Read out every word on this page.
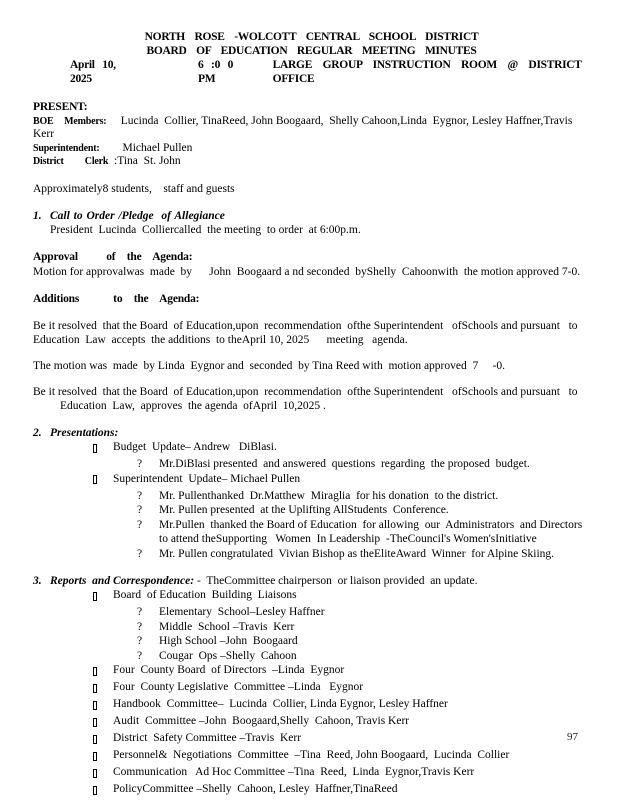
NORTH ROSE -WOLCOTT CENTRAL SCHOOL DISTRICT
BOARD OF EDUCATION REGULAR MEETING MINUTES
April 10, 2025
6 :0 0 PM
LARGE GROUP INSTRUCTION ROOM @ DISTRICT OFFICE
PRESENT:
BOE  Members:     Lucinda  Collier, TinaReed, John Boogaard,  Shelly Cahoon,Linda  Eygnor, Lesley Haffner,Travis Kerr
Superintendent:        Michael Pullen
District    Clerk  :Tina  St. John
Approximately8 students,    staff and guests
1. Call to Order /Pledge  of Allegiance
President  Lucinda  Colliercalled  the meeting  to order  at 6:00p.m.
Approval     of  the  Agenda:
Motion for approvalwas  made  by      John  Boogaard a nd seconded  byShelly  Cahoonwith  the motion approved 7-0.
Additions      to  the  Agenda:
Be it resolved  that the Board  of Education,upon  recommendation  ofthe Superintendent   ofSchools and pursuant   to Education  Law  accepts  the additions  to theApril 10, 2025      meeting   agenda.
The motion was  made  by Linda  Eygnor and  seconded  by Tina Reed with  motion approved  7     -0.
Be it resolved  that the Board  of Education,upon  recommendation  ofthe Superintendent   ofSchools and pursuant   to Education  Law,  approves  the agenda  ofApril  10,2025 .
2. Presentations:
Budget  Update– Andrew   DiBlasi.
?	Mr.DiBlasi presented  and answered  questions  regarding  the proposed  budget.
Superintendent  Update– Michael Pullen
?	Mr. Pullenthanked  Dr.Matthew  Miraglia  for his donation  to the district.
?	Mr. Pullen presented  at the Uplifting AllStudents  Conference.
?	Mr.Pullen  thanked the Board of Education  for allowing  our  Administrators  and Directors to attend theSupporting   Women  In Leadership  -TheCouncil's Women'sInitiative
?	Mr. Pullen congratulated  Vivian Bishop as theEliteAward  Winner  for Alpine Skiing.
3. Reports  and Correspondence: -  TheCommittee chairperson  or liaison provided  an update.
Board  of Education  Building  Liaisons
?	Elementary  School–Lesley Haffner
?	Middle  School –Travis  Kerr
?	High School –John  Boogaard
?	Cougar  Ops –Shelly  Cahoon
Four  County Board  of Directors  –Linda  Eygnor
Four  County Legislative  Committee –Linda   Eygnor
Handbook  Committee–  Lucinda  Collier, Linda Eygnor, Lesley Haffner
Audit  Committee –John  Boogaard,Shelly  Cahoon, Travis Kerr
District  Safety Committee –Travis  Kerr
Personnel&  Negotiations  Committee  –Tina  Reed, John Boogaard,  Lucinda  Collier
Communication   Ad Hoc Committee –Tina  Reed,  Linda  Eygnor,Travis Kerr
PolicyCommittee –Shelly  Cahoon, Lesley  Haffner,TinaReed
97
